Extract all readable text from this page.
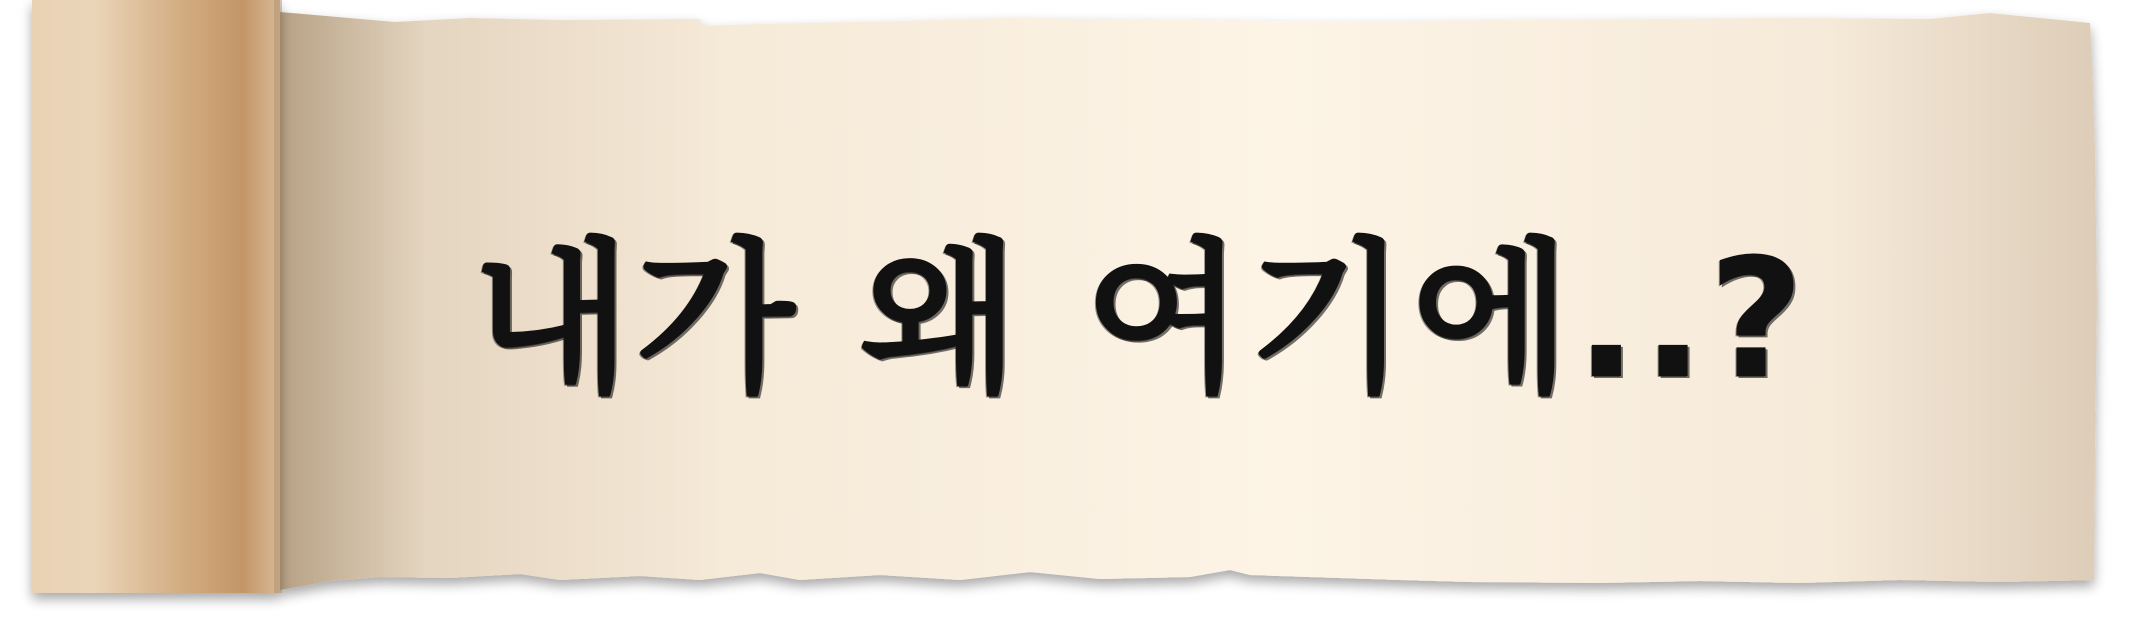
내가 왜 여기에..?
